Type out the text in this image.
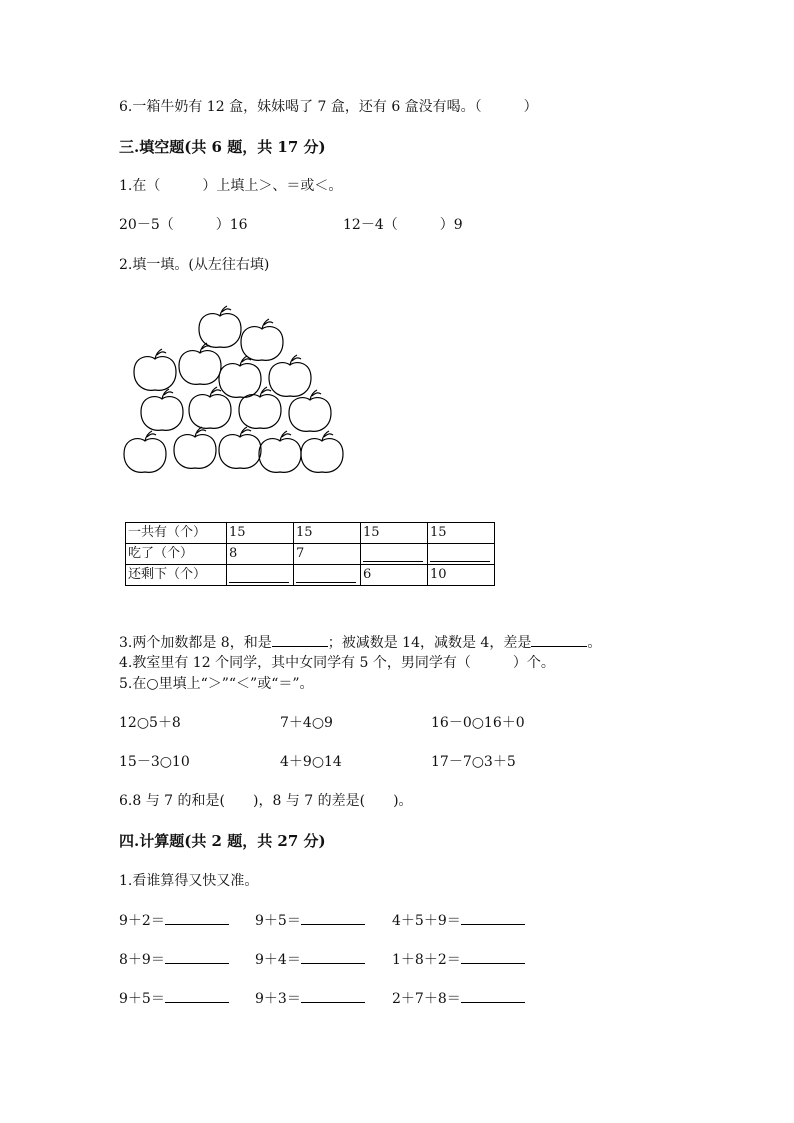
6.一箱牛奶有 12 盒，妹妹喝了 7 盒，还有 6 盒没有喝。（　　　）
三.填空题(共 6 题，共 17 分)
1.在（　　　）上填上＞、＝或＜。
20－5（　　　）16	12－4（　　　）9
2.填一填。(从左往右填)
一共有（个）	15	15	15	15
吃了（个）	8	7	

还剩下（个）			6	10
3.两个加数都是 8，和是	；被减数是 14，减数是 4，差是	。
4.教室里有 12 个同学，其中女同学有 5 个，男同学有（　　　）个。
5.在○里填上“＞”“＜”或“＝”。
12○5＋8	7＋4○9	16－0○16＋0
15－3○10	4＋9○14	17－7○3＋5
6.8 与 7 的和是(　　)，8 与 7 的差是(　　)。
四.计算题(共 2 题，共 27 分)
1.看谁算得又快又准。
9＋2＝	9＋5＝	4＋5＋9＝
8＋9＝	9＋4＝	1＋8＋2＝
9＋5＝	9＋3＝	2＋7＋8＝
